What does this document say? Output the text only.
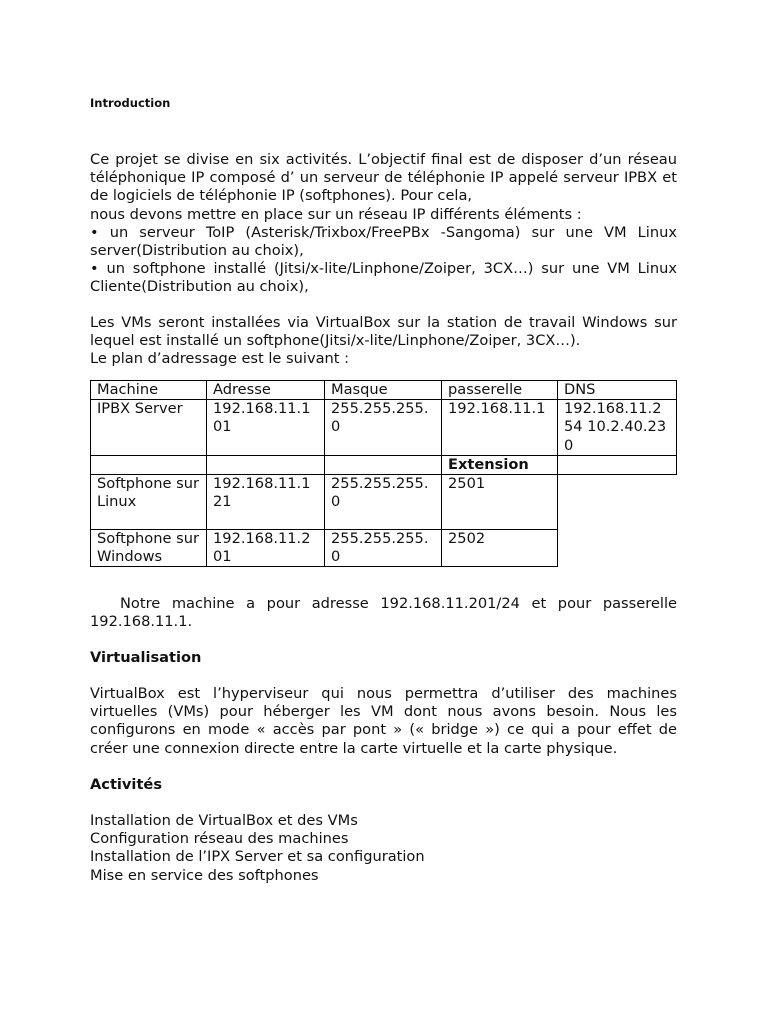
Introduction

Ce projet se divise en six activités. L’objectif final est de disposer d’un réseau téléphonique IP composé d’ un serveur de téléphonie IP appelé serveur IPBX et de logiciels de téléphonie IP (softphones). Pour cela,

nous devons mettre en place sur un réseau IP différents éléments :

• un serveur ToIP (Asterisk/Trixbox/FreePBx -Sangoma) sur une VM Linux server(Distribution au choix),

• un softphone installé (Jitsi/x-lite/Linphone/Zoiper, 3CX…) sur une VM Linux Cliente(Distribution au choix),

Les VMs seront installées via VirtualBox sur la station de travail Windows sur lequel est installé un softphone(Jitsi/x-lite/Linphone/Zoiper, 3CX…).

Le plan d’adressage est le suivant :

Machine	Adresse	Masque	passerelle	DNS
IPBX Server	192.168.11.101	255.255.255.0	192.168.11.1	192.168.11.254 10.2.40.230
			Extension	
Softphone sur Linux	192.168.11.121	255.255.255.0	2501	
Softphone sur Windows	192.168.11.201	255.255.255.0	2502	

Notre machine a pour adresse 192.168.11.201/24 et pour passerelle 192.168.11.1.

Virtualisation

VirtualBox est l’hyperviseur qui nous permettra d’utiliser des machines virtuelles (VMs) pour héberger les VM dont nous avons besoin. Nous les configurons en mode « accès par pont » (« bridge ») ce qui a pour effet de créer une connexion directe entre la carte virtuelle et la carte physique.

Activités

Installation de VirtualBox et des VMs

Configuration réseau des machines

Installation de l’IPX Server et sa configuration

Mise en service des softphones
